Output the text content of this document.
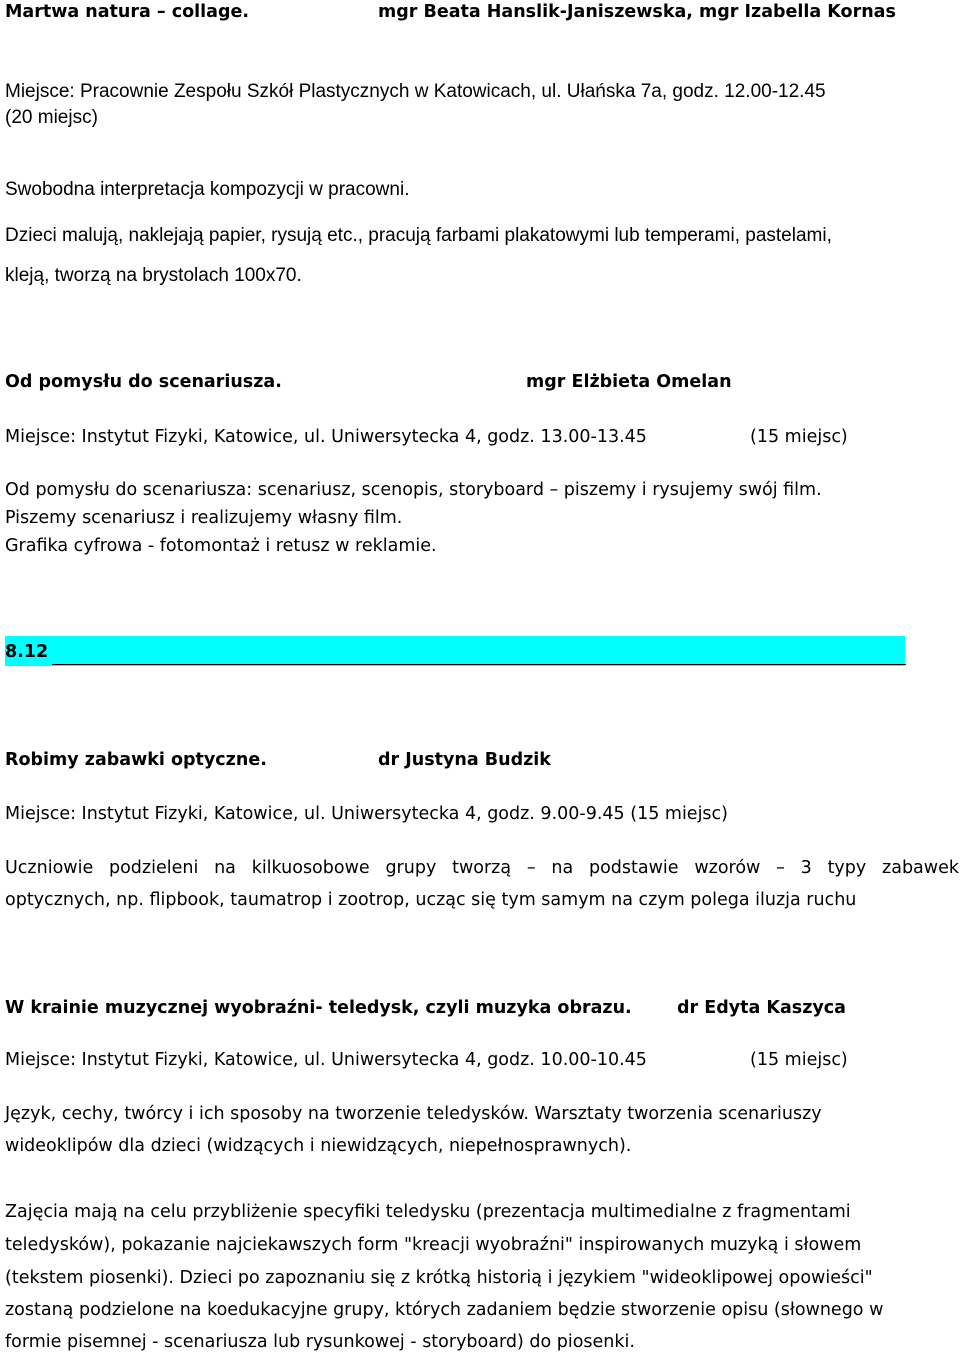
Martwa natura – collage.	mgr Beata Hanslik-Janiszewska, mgr Izabella Kornas
Miejsce: Pracownie Zespołu Szkół Plastycznych w Katowicach, ul. Ułańska 7a, godz. 12.00-12.45
(20 miejsc)
Swobodna interpretacja kompozycji w pracowni.
Dzieci malują, naklejają papier, rysują etc., pracują farbami plakatowymi lub temperami, pastelami,
kleją, tworzą na brystolach 100x70.
Od pomysłu do scenariusza.	mgr Elżbieta Omelan
Miejsce: Instytut Fizyki, Katowice, ul. Uniwersytecka 4, godz. 13.00-13.45	(15 miejsc)
Od pomysłu do scenariusza: scenariusz, scenopis, storyboard – piszemy i rysujemy swój film.
Piszemy scenariusz i realizujemy własny film.
Grafika cyfrowa - fotomontaż i retusz w reklamie.
8.12
Robimy zabawki optyczne.	dr Justyna Budzik
Miejsce: Instytut Fizyki, Katowice, ul. Uniwersytecka 4, godz. 9.00-9.45 (15 miejsc)
Uczniowie podzieleni na kilkuosobowe grupy tworzą – na podstawie wzorów – 3 typy zabawek
optycznych, np. flipbook, taumatrop i zootrop, ucząc się tym samym na czym polega iluzja ruchu
W krainie muzycznej wyobraźni- teledysk, czyli muzyka obrazu.	dr Edyta Kaszyca
Miejsce: Instytut Fizyki, Katowice, ul. Uniwersytecka 4, godz. 10.00-10.45	(15 miejsc)
Język, cechy, twórcy i ich sposoby na tworzenie teledysków. Warsztaty tworzenia scenariuszy
wideoklipów dla dzieci (widzących i niewidzących, niepełnosprawnych).
Zajęcia mają na celu przybliżenie specyfiki teledysku (prezentacja multimedialne z fragmentami
teledysków), pokazanie najciekawszych form "kreacji wyobraźni" inspirowanych muzyką i słowem
(tekstem piosenki). Dzieci po zapoznaniu się z krótką historią i językiem "wideoklipowej opowieści"
zostaną podzielone na koedukacyjne grupy, których zadaniem będzie stworzenie opisu (słownego w
formie pisemnej - scenariusza lub rysunkowej - storyboard) do piosenki.
